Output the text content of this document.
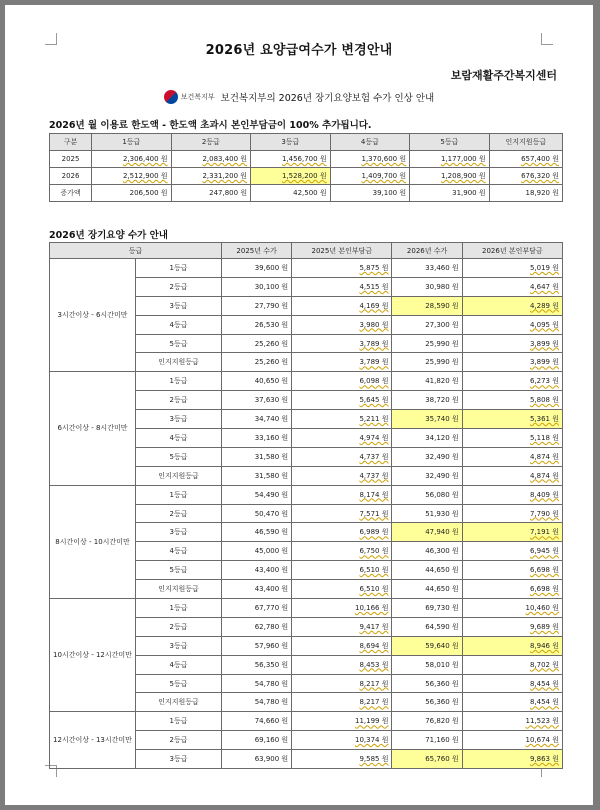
2026년 요양급여수가 변경안내
보람재활주간복지센터
보건복지부 보건복지부의 2026년 장기요양보험 수가 인상 안내
2026년 월 이용료 한도액 - 한도액 초과시 본인부담금이 100% 추가됩니다.
구분	1등급	2등급	3등급	4등급	5등급	인지지원등급
2025	2,306,400 원	2,083,400 원	1,456,700 원	1,370,600 원	1,177,000 원	657,400 원
2026	2,512,900 원	2,331,200 원	1,528,200 원	1,409,700 원	1,208,900 원	676,320 원
증가액	206,500 원	247,800 원	42,500 원	39,100 원	31,900 원	18,920 원
2026년 장기요양 수가 안내
등급		2025년 수가	2025년 본인부담금	2026년 수가	2026년 본인부담금
3시간이상 - 6시간미만	1등급	39,600 원	5,875 원	33,460 원	5,019 원
	2등급	30,100 원	4,515 원	30,980 원	4,647 원
	3등급	27,790 원	4,169 원	28,590 원	4,289 원
	4등급	26,530 원	3,980 원	27,300 원	4,095 원
	5등급	25,260 원	3,789 원	25,990 원	3,899 원
	인지지원등급	25,260 원	3,789 원	25,990 원	3,899 원
6시간이상 - 8시간미만	1등급	40,650 원	6,098 원	41,820 원	6,273 원
	2등급	37,630 원	5,645 원	38,720 원	5,808 원
	3등급	34,740 원	5,211 원	35,740 원	5,361 원
	4등급	33,160 원	4,974 원	34,120 원	5,118 원
	5등급	31,580 원	4,737 원	32,490 원	4,874 원
	인지지원등급	31,580 원	4,737 원	32,490 원	4,874 원
8시간이상 - 10시간미만	1등급	54,490 원	8,174 원	56,080 원	8,409 원
	2등급	50,470 원	7,571 원	51,930 원	7,790 원
	3등급	46,590 원	6,989 원	47,940 원	7,191 원
	4등급	45,000 원	6,750 원	46,300 원	6,945 원
	5등급	43,400 원	6,510 원	44,650 원	6,698 원
	인지지원등급	43,400 원	6,510 원	44,650 원	6,698 원
10시간이상 - 12시간미만	1등급	67,770 원	10,166 원	69,730 원	10,460 원
	2등급	62,780 원	9,417 원	64,590 원	9,689 원
	3등급	57,960 원	8,694 원	59,640 원	8,946 원
	4등급	56,350 원	8,453 원	58,010 원	8,702 원
	5등급	54,780 원	8,217 원	56,360 원	8,454 원
	인지지원등급	54,780 원	8,217 원	56,360 원	8,454 원
12시간이상 - 13시간미만	1등급	74,660 원	11,199 원	76,820 원	11,523 원
	2등급	69,160 원	10,374 원	71,160 원	10,674 원
	3등급	63,900 원	9,585 원	65,760 원	9,863 원
